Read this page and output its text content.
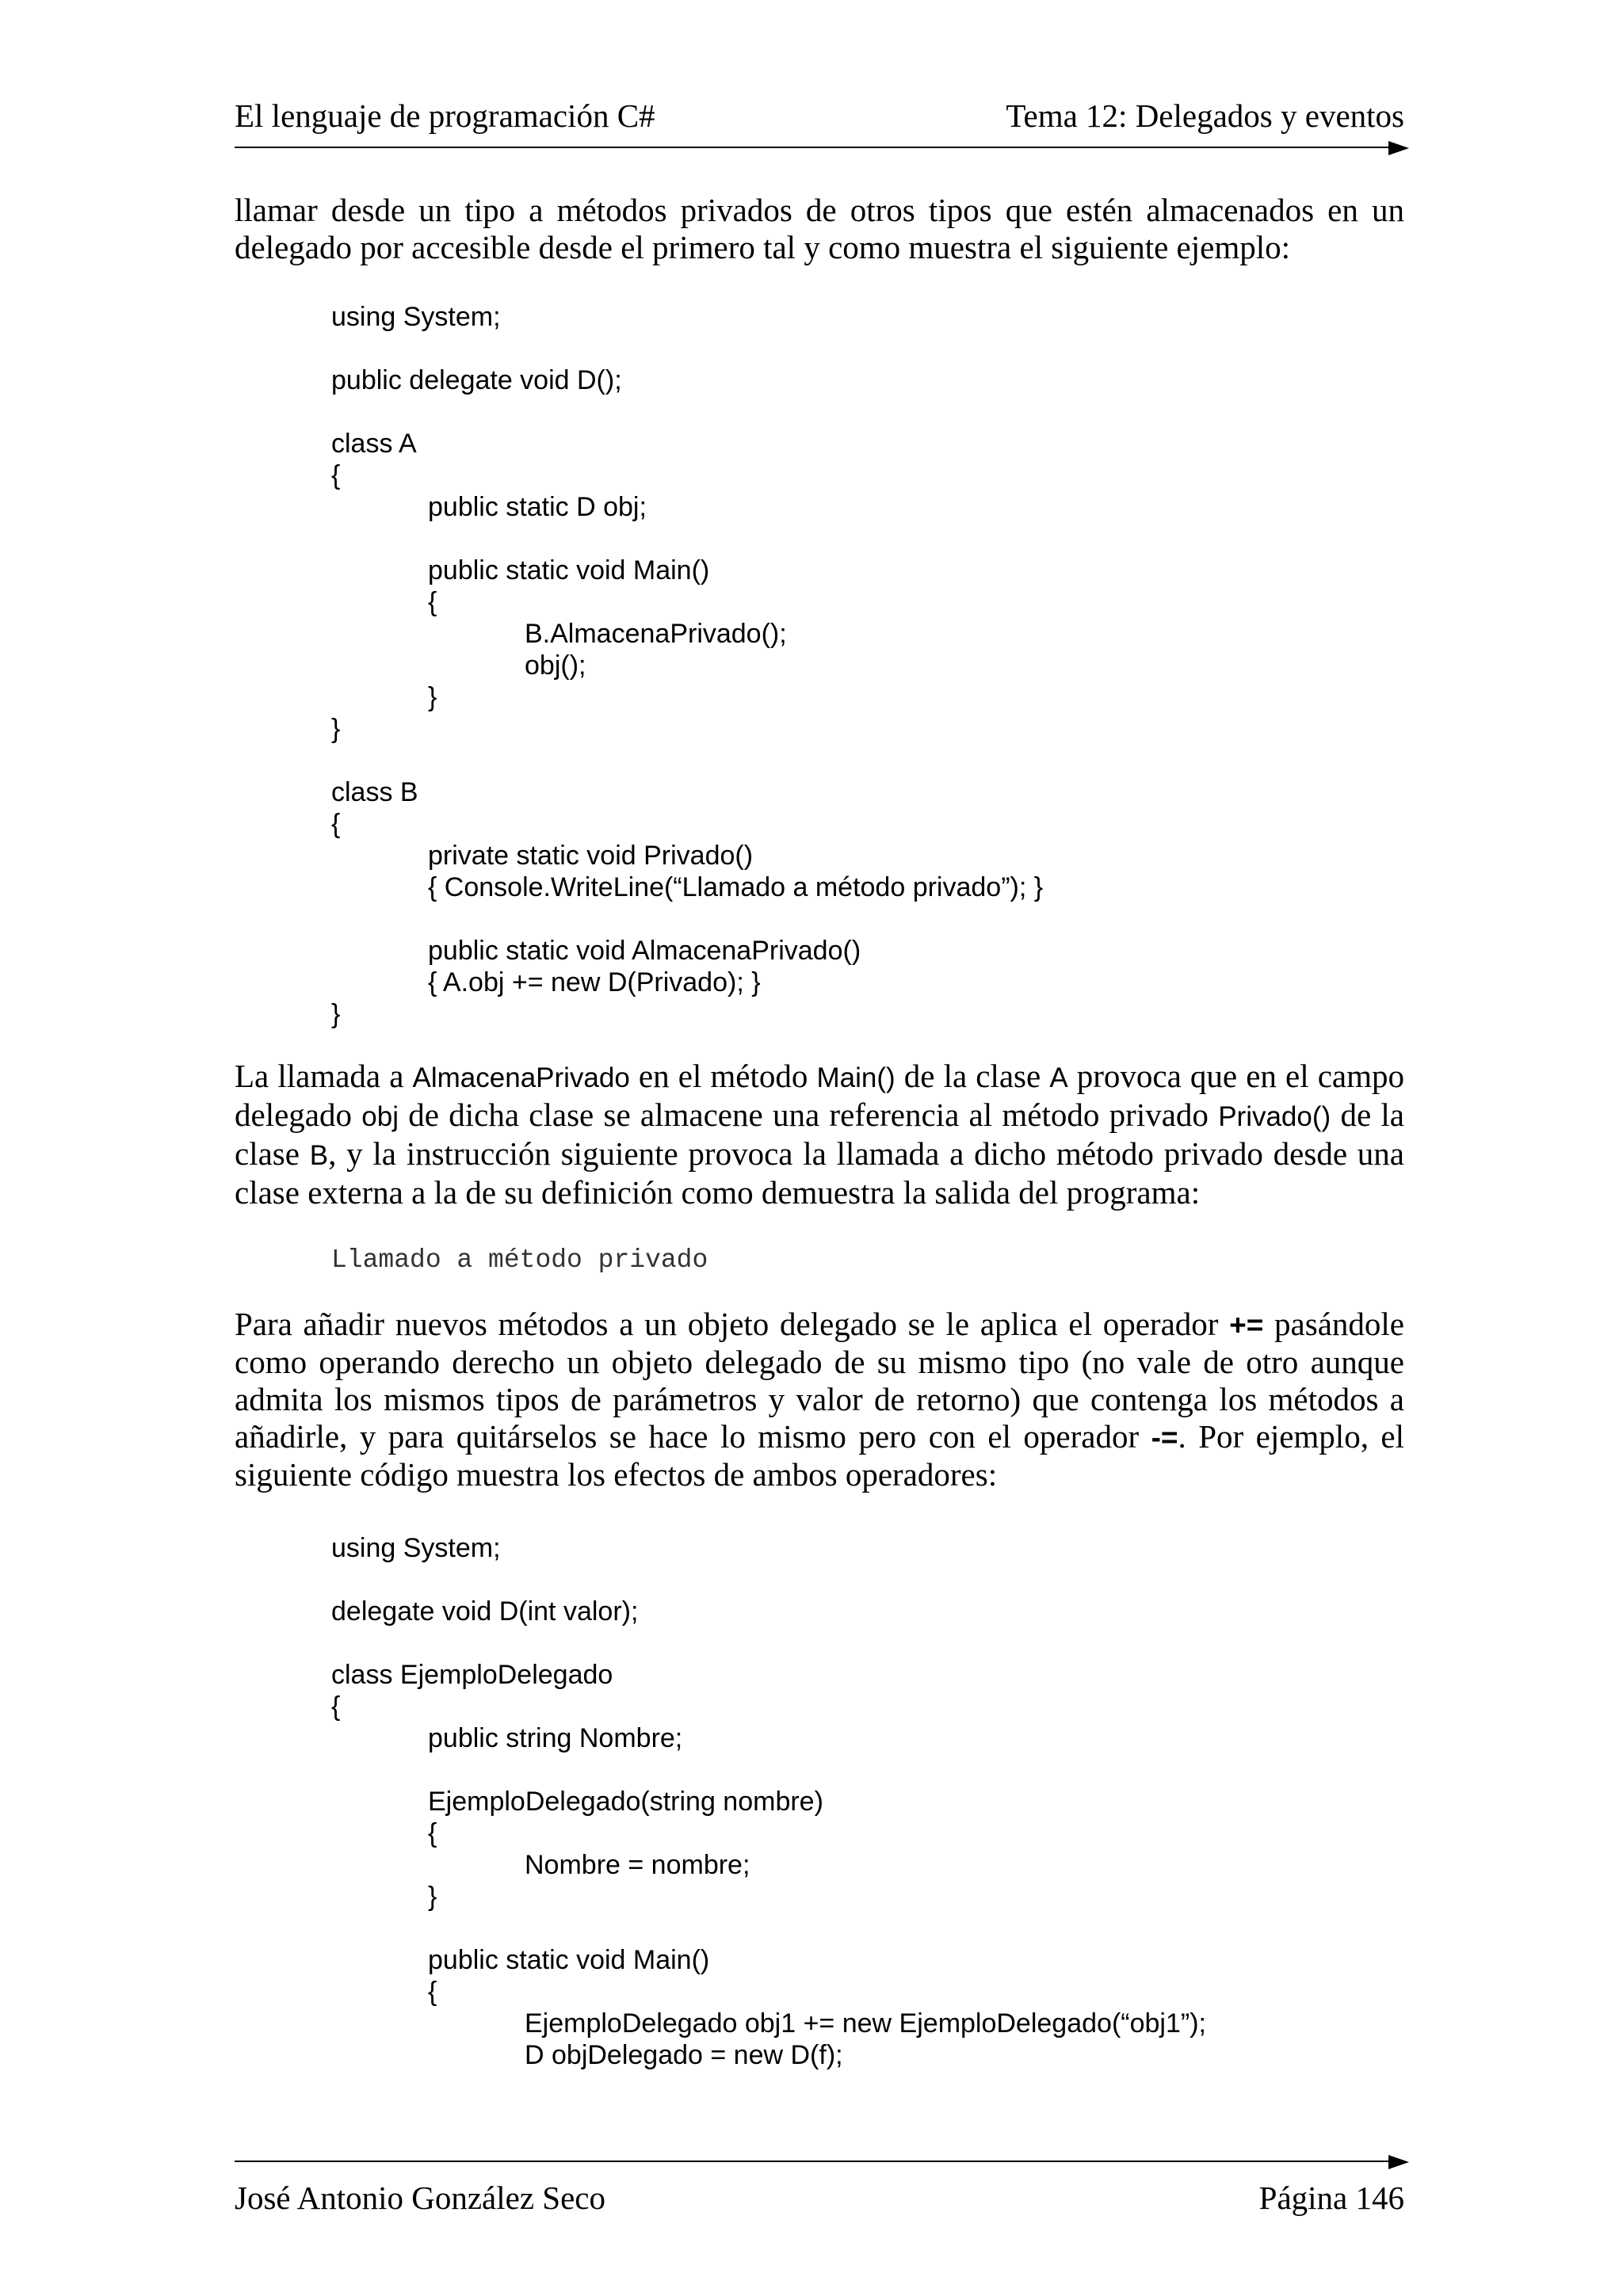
El lenguaje de programación C#	Tema 12: Delegados y eventos
llamar desde un tipo a métodos privados de otros tipos que estén almacenados en un
delegado por accesible desde el primero tal y como muestra el siguiente ejemplo:
using System;
public delegate void D();
class A
{
public static D obj;
public static void Main()
{
B.AlmacenaPrivado();
obj();
}
}
class B
{
private static void Privado()
{ Console.WriteLine(“Llamado a método privado”); }
public static void AlmacenaPrivado()
{ A.obj += new D(Privado); }
}
La llamada a AlmacenaPrivado en el método Main() de la clase A provoca que en el campo
delegado obj de dicha clase se almacene una referencia al método privado Privado() de la
clase B, y la instrucción siguiente provoca la llamada a dicho método privado desde una
clase externa a la de su definición como demuestra la salida del programa:
Llamado a método privado
Para añadir nuevos métodos a un objeto delegado se le aplica el operador += pasándole
como operando derecho un objeto delegado de su mismo tipo (no vale de otro aunque
admita los mismos tipos de parámetros y valor de retorno) que contenga los métodos a
añadirle, y para quitárselos se hace lo mismo pero con el operador -=. Por ejemplo, el
siguiente código muestra los efectos de ambos operadores:
using System;
delegate void D(int valor);
class EjemploDelegado
{
public string Nombre;
EjemploDelegado(string nombre)
{
Nombre = nombre;
}
public static void Main()
{
EjemploDelegado obj1 += new EjemploDelegado(“obj1”);
D objDelegado = new D(f);
José Antonio González Seco	Página 146
